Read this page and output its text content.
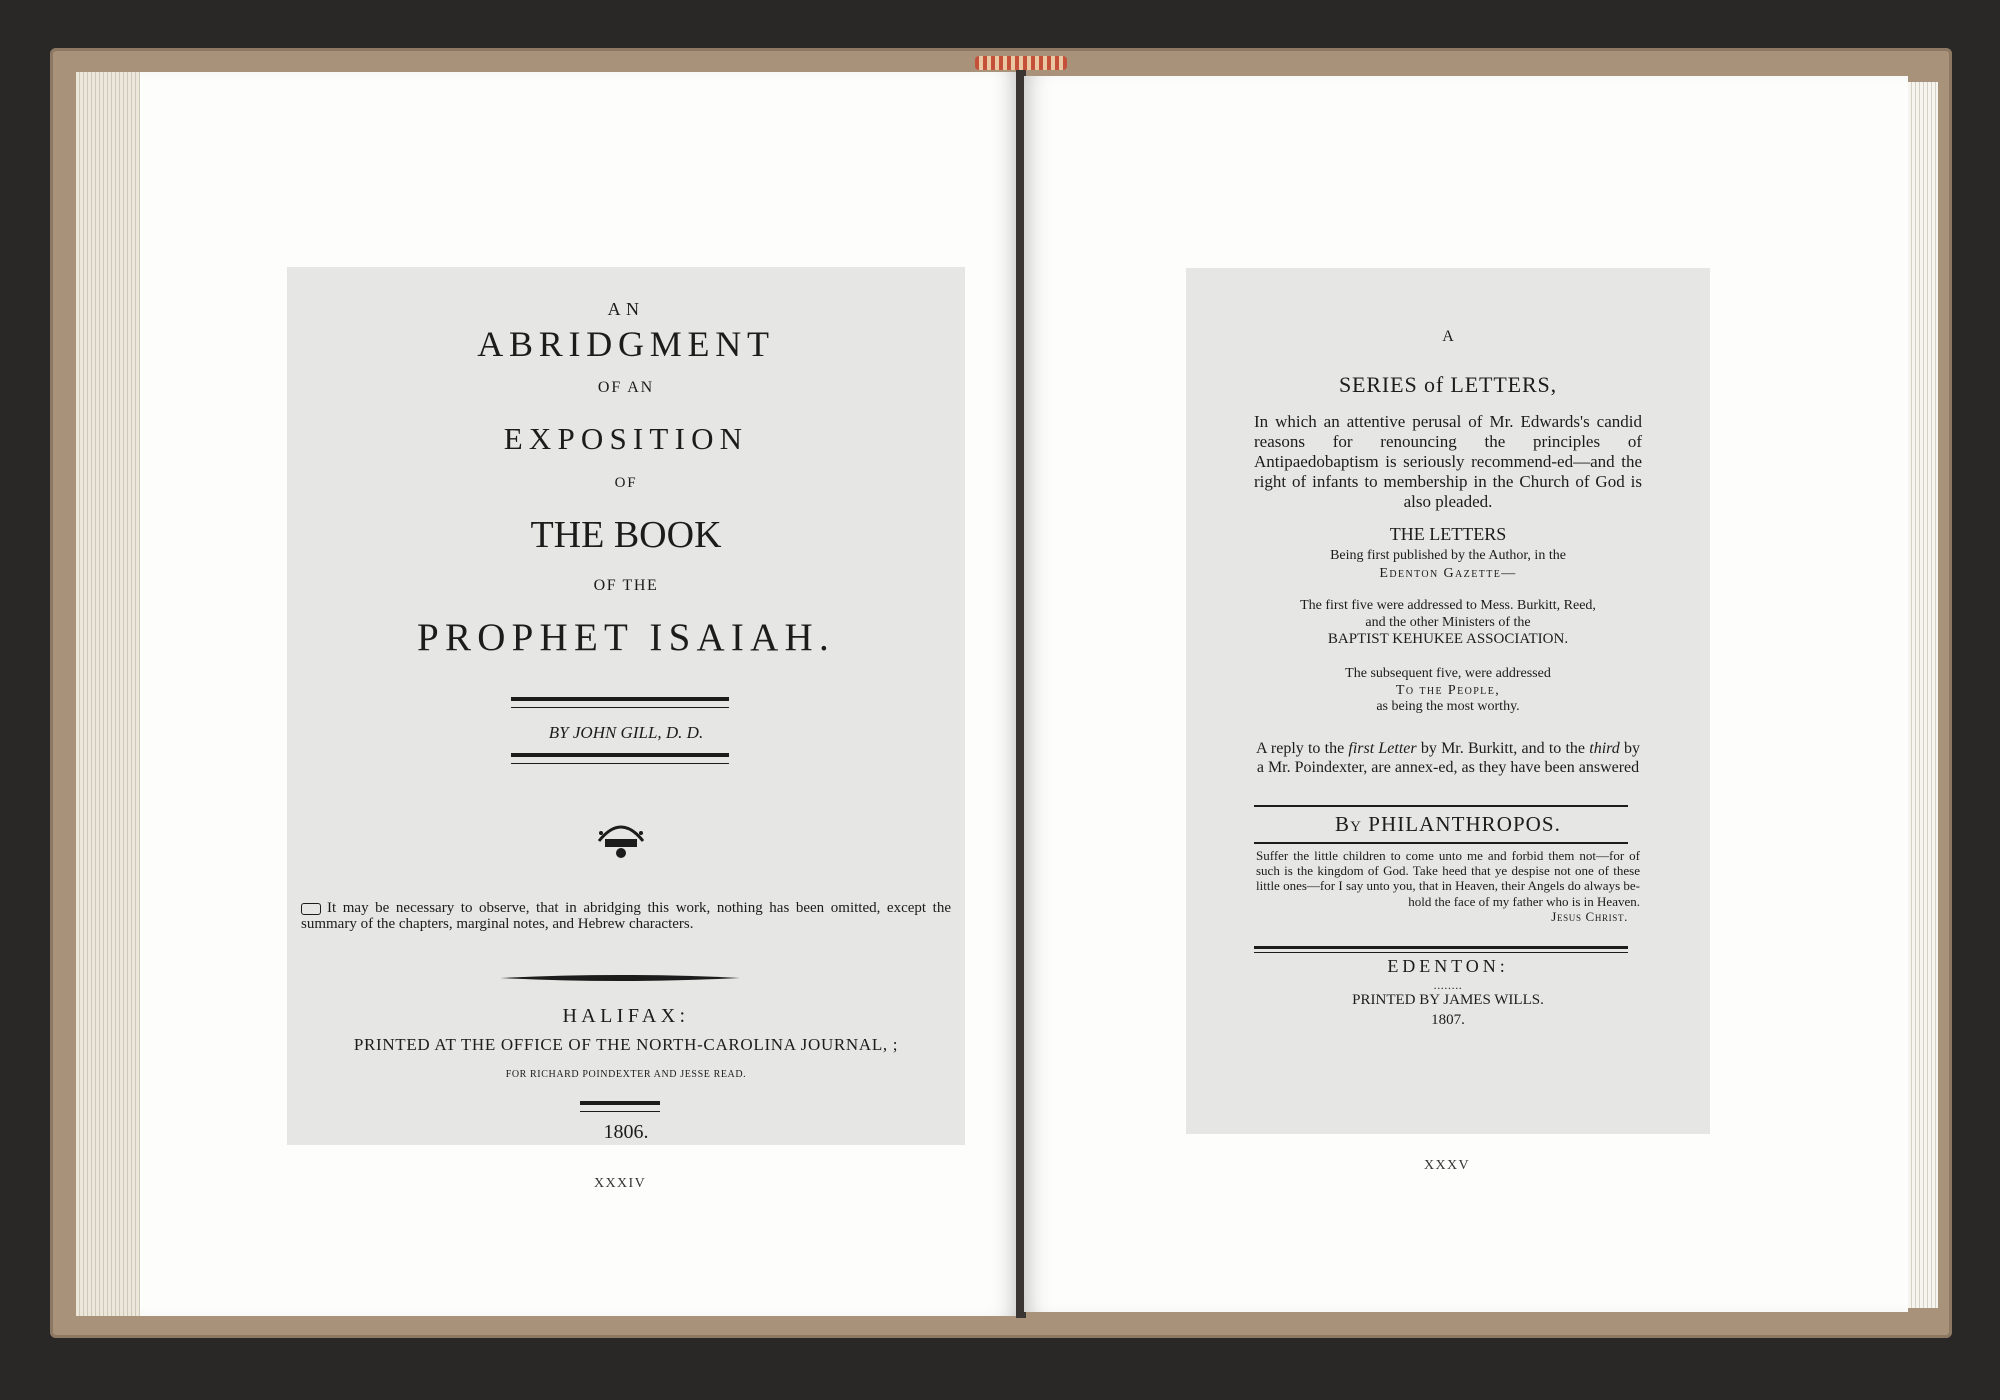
AN

ABRIDGMENT

OF AN

EXPOSITION

OF

THE BOOK

OF THE

PROPHET ISAIAH.

BY JOHN GILL, D. D.

It may be necessary to observe, that in abridging this work, nothing has been omitted, except the summary of the chapters, marginal notes, and Hebrew characters.

HALIFAX:

PRINTED AT THE OFFICE OF THE NORTH-CAROLINA JOURNAL, ;

FOR RICHARD POINDEXTER AND JESSE READ.

1806.

XXXIV

A

SERIES of LETTERS,

In which an attentive perusal of Mr. Edwards's candid reasons for renouncing the principles of Antipaedobaptism is seriously recommend-ed—and the right of infants to membership in the Church of God is also pleaded.

THE LETTERS

Being first published by the Author, in the

Edenton Gazette—

The first five were addressed to Mess. Burkitt, Reed,
and the other Ministers of the
BAPTIST KEHUKEE ASSOCIATION.

The subsequent five, were addressed
To the People,
as being the most worthy.

A reply to the first Letter by Mr. Burkitt, and to the third by a Mr. Poindexter, are annex-ed, as they have been answered

By PHILANTHROPOS.

Suffer the little children to come unto me and forbid them not—for of such is the kingdom of God. Take heed that ye despise not one of these little ones—for I say unto you, that in Heaven, their Angels do always be-hold the face of my father who is in Heaven.
Jesus Christ.

EDENTON:

........

PRINTED BY JAMES WILLS.

1807.

XXXV
